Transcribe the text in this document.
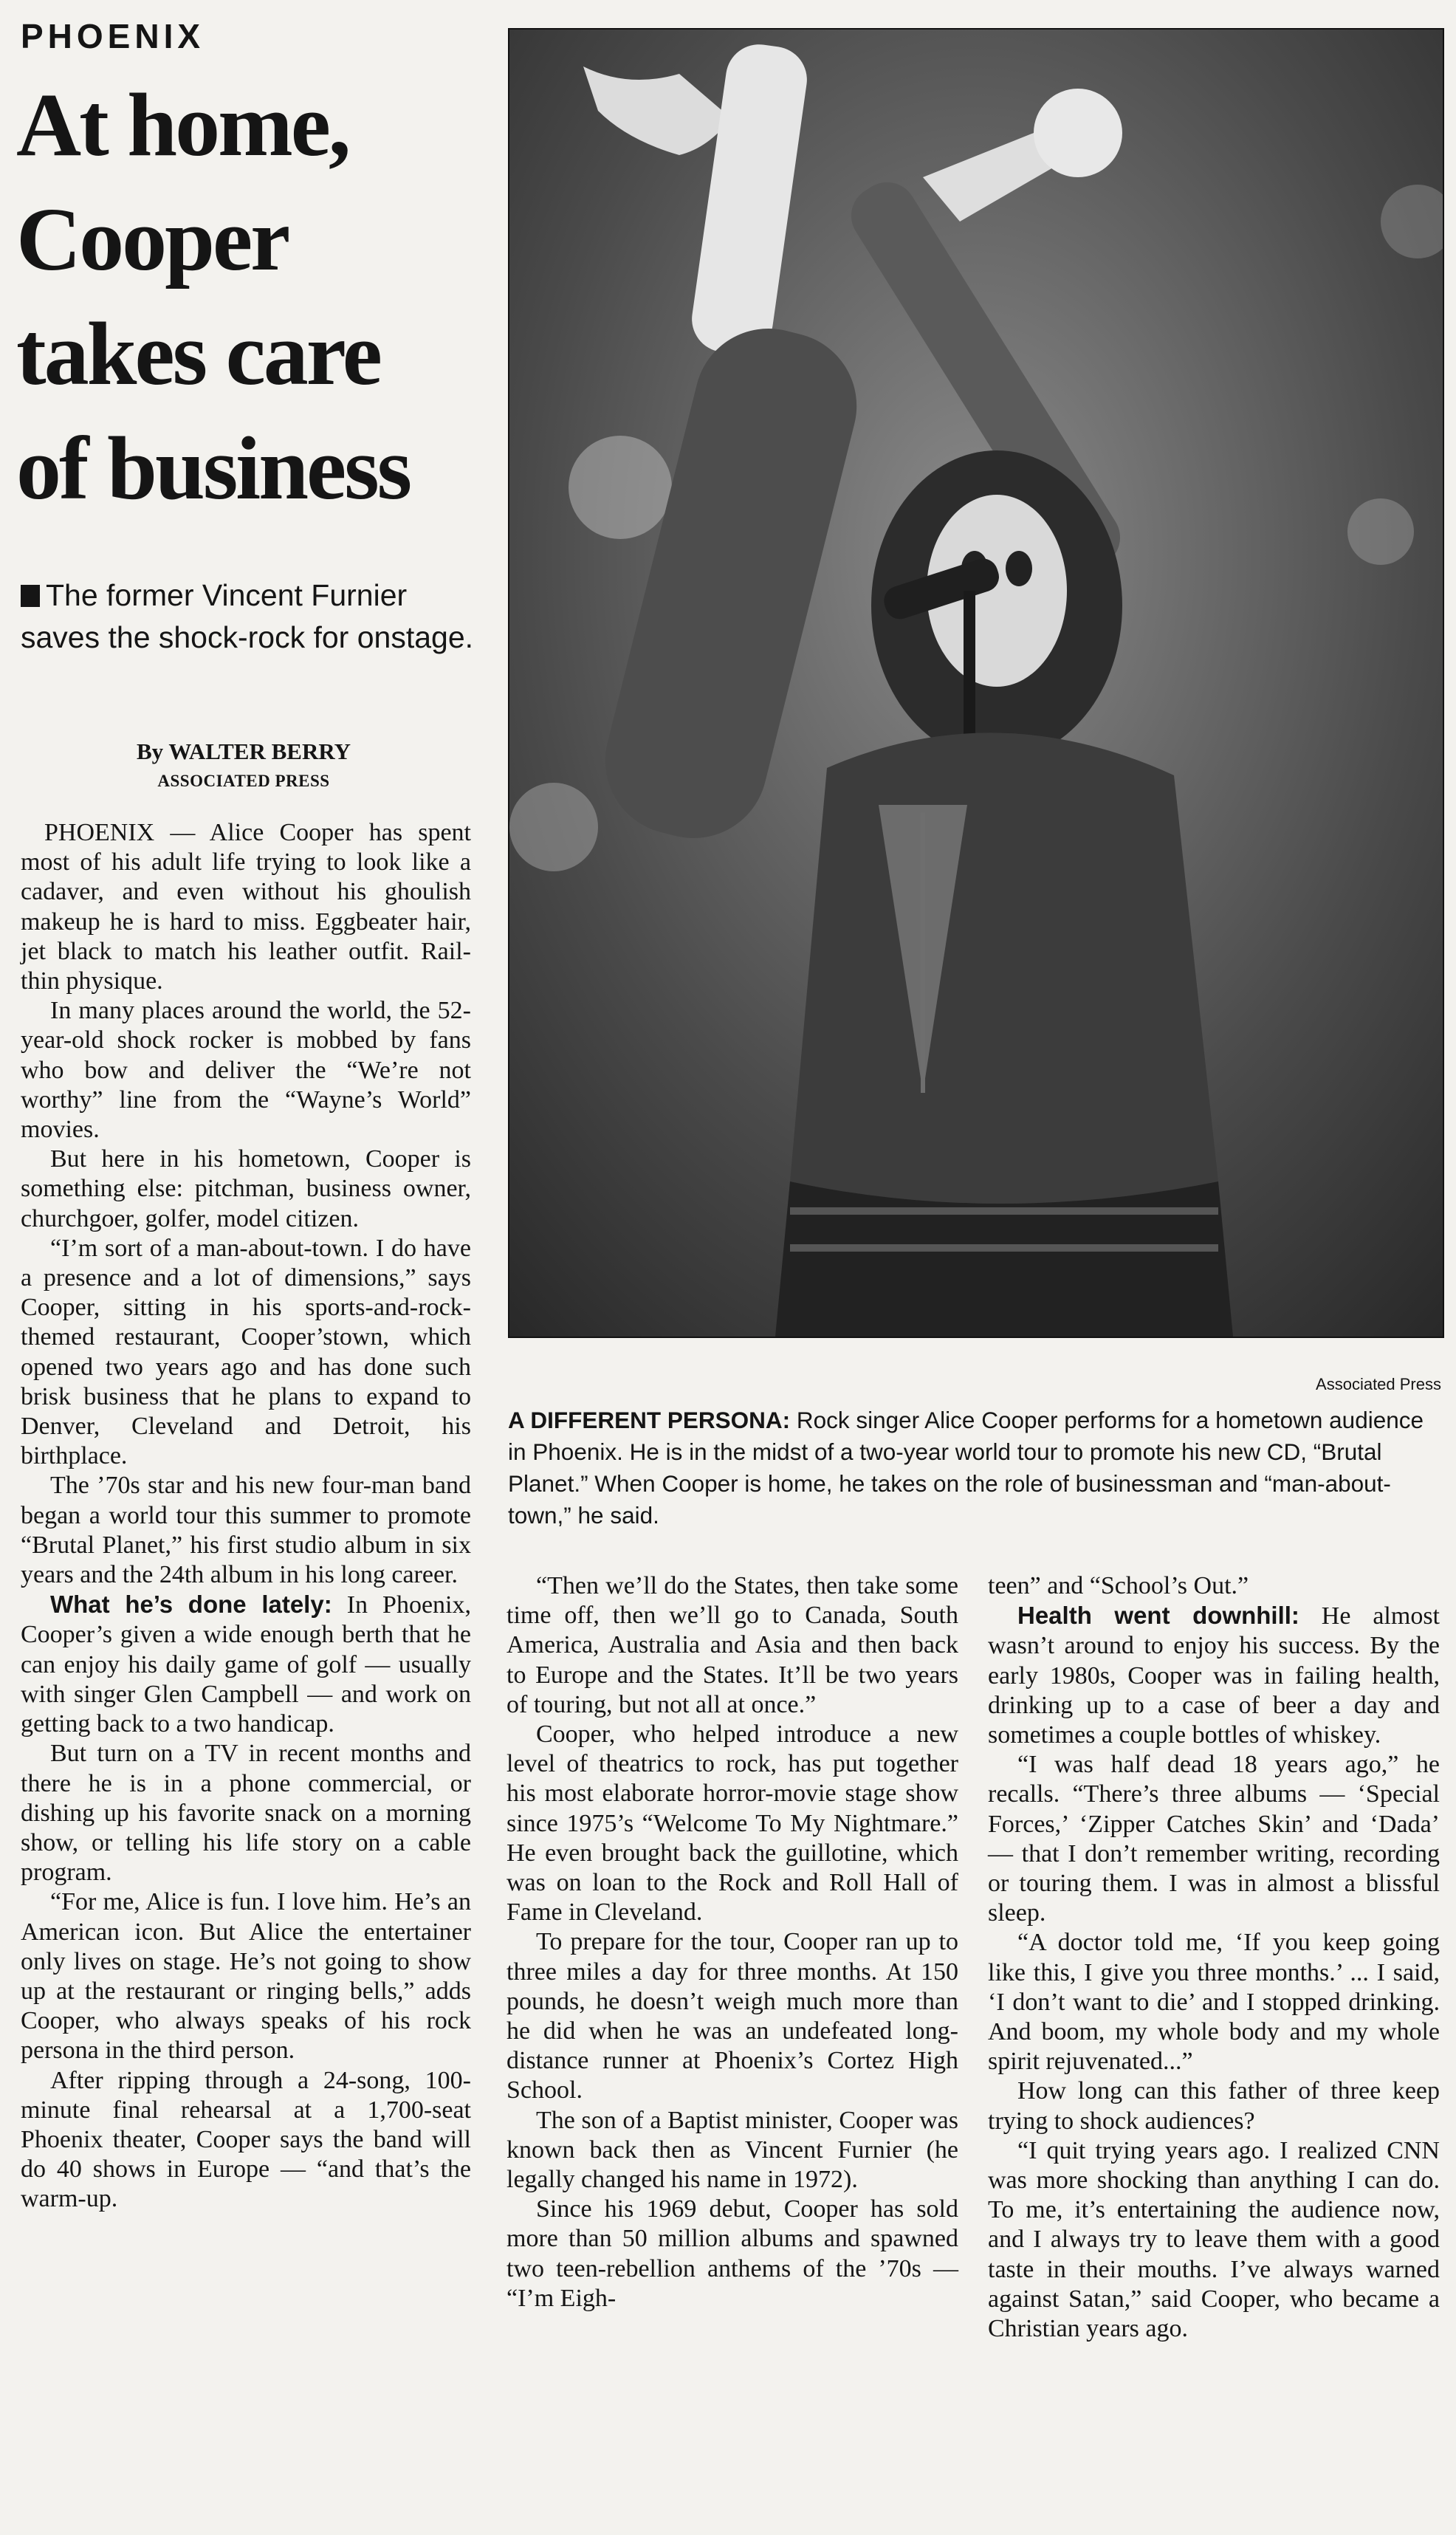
PHOENIX
At home,
Cooper
takes care
of business
The former Vincent Furnier saves the shock-rock for onstage.
By WALTER BERRY
ASSOCIATED PRESS

PHOENIX — Alice Cooper has spent most of his adult life trying to look like a cadaver, and even without his ghoulish makeup he is hard to miss. Eggbeater hair, jet black to match his leather outfit. Rail-thin physique.

In many places around the world, the 52-year-old shock rocker is mobbed by fans who bow and deliver the “We’re not worthy” line from the “Wayne’s World” movies.

But here in his hometown, Cooper is something else: pitchman, business owner, churchgoer, golfer, model citizen.

“I’m sort of a man-about-town. I do have a presence and a lot of dimensions,” says Cooper, sitting in his sports-and-rock-themed restaurant, Cooper’stown, which opened two years ago and has done such brisk business that he plans to expand to Denver, Cleveland and Detroit, his birthplace.

The ’70s star and his new four-man band began a world tour this summer to promote “Brutal Planet,” his first studio album in six years and the 24th album in his long career.

What he’s done lately: In Phoenix, Cooper’s given a wide enough berth that he can enjoy his daily game of golf — usually with singer Glen Campbell — and work on getting back to a two handicap.

But turn on a TV in recent months and there he is in a phone commercial, or dishing up his favorite snack on a morning show, or telling his life story on a cable program.

“For me, Alice is fun. I love him. He’s an American icon. But Alice the entertainer only lives on stage. He’s not going to show up at the restaurant or ringing bells,” adds Cooper, who always speaks of his rock persona in the third person.

After ripping through a 24-song, 100-minute final rehearsal at a 1,700-seat Phoenix theater, Cooper says the band will do 40 shows in Europe — “and that’s the warm-up.

Associated Press
A DIFFERENT PERSONA: Rock singer Alice Cooper performs for a hometown audience in Phoenix. He is in the midst of a two-year world tour to promote his new CD, “Brutal Planet.” When Cooper is home, he takes on the role of businessman and “man-about-town,” he said.

“Then we’ll do the States, then take some time off, then we’ll go to Canada, South America, Australia and Asia and then back to Europe and the States. It’ll be two years of touring, but not all at once.”

Cooper, who helped introduce a new level of theatrics to rock, has put together his most elaborate horror-movie stage show since 1975’s “Welcome To My Nightmare.” He even brought back the guillotine, which was on loan to the Rock and Roll Hall of Fame in Cleveland.

To prepare for the tour, Cooper ran up to three miles a day for three months. At 150 pounds, he doesn’t weigh much more than he did when he was an undefeated long-distance runner at Phoenix’s Cortez High School.

The son of a Baptist minister, Cooper was known back then as Vincent Furnier (he legally changed his name in 1972).

Since his 1969 debut, Cooper has sold more than 50 million albums and spawned two teen-rebellion anthems of the ’70s — “I’m Eigh-

teen” and “School’s Out.”

Health went downhill: He almost wasn’t around to enjoy his success. By the early 1980s, Cooper was in failing health, drinking up to a case of beer a day and sometimes a couple bottles of whiskey.

“I was half dead 18 years ago,” he recalls. “There’s three albums — ‘Special Forces,’ ‘Zipper Catches Skin’ and ‘Dada’ — that I don’t remember writing, recording or touring them. I was in almost a blissful sleep.

“A doctor told me, ‘If you keep going like this, I give you three months.’ ... I said, ‘I don’t want to die’ and I stopped drinking. And boom, my whole body and my whole spirit rejuvenated...”

How long can this father of three keep trying to shock audiences?

“I quit trying years ago. I realized CNN was more shocking than anything I can do. To me, it’s entertaining the audience now, and I always try to leave them with a good taste in their mouths. I’ve always warned against Satan,” said Cooper, who became a Christian years ago.
